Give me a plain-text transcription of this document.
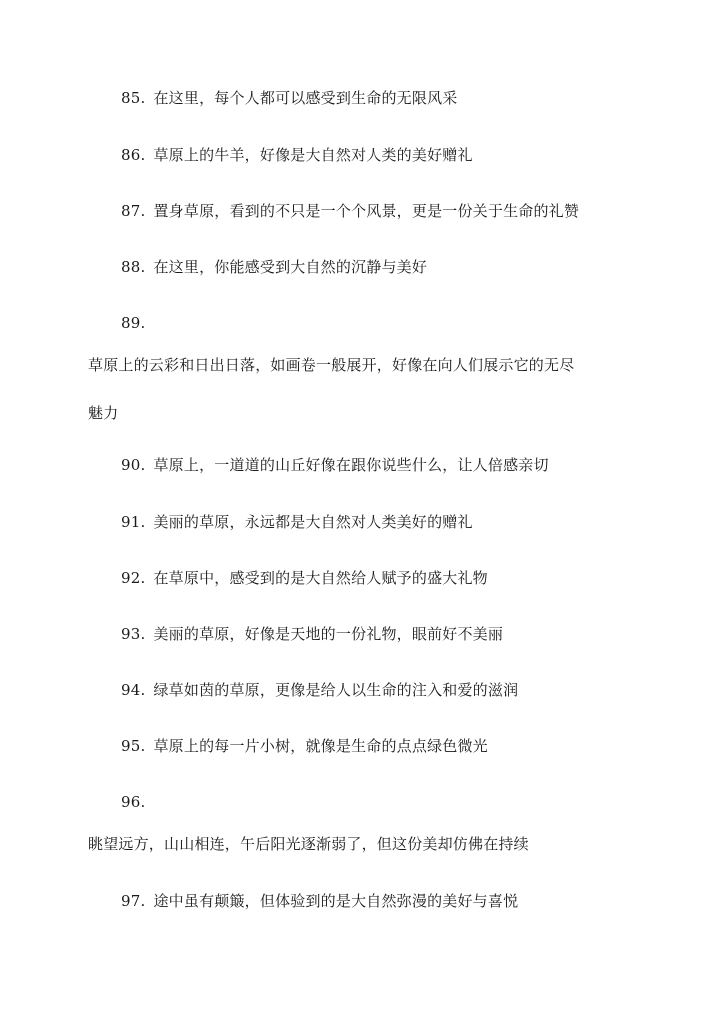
85. 在这里，每个人都可以感受到生命的无限风采
86. 草原上的牛羊，好像是大自然对人类的美好赠礼
87. 置身草原，看到的不只是一个个风景，更是一份关于生命的礼赞
88. 在这里，你能感受到大自然的沉静与美好
89.
草原上的云彩和日出日落，如画卷一般展开，好像在向人们展示它的无尽
魅力
90. 草原上，一道道的山丘好像在跟你说些什么，让人倍感亲切
91. 美丽的草原，永远都是大自然对人类美好的赠礼
92. 在草原中，感受到的是大自然给人赋予的盛大礼物
93. 美丽的草原，好像是天地的一份礼物，眼前好不美丽
94. 绿草如茵的草原，更像是给人以生命的注入和爱的滋润
95. 草原上的每一片小树，就像是生命的点点绿色微光
96.
眺望远方，山山相连，午后阳光逐渐弱了，但这份美却仿佛在持续
97. 途中虽有颠簸，但体验到的是大自然弥漫的美好与喜悦
